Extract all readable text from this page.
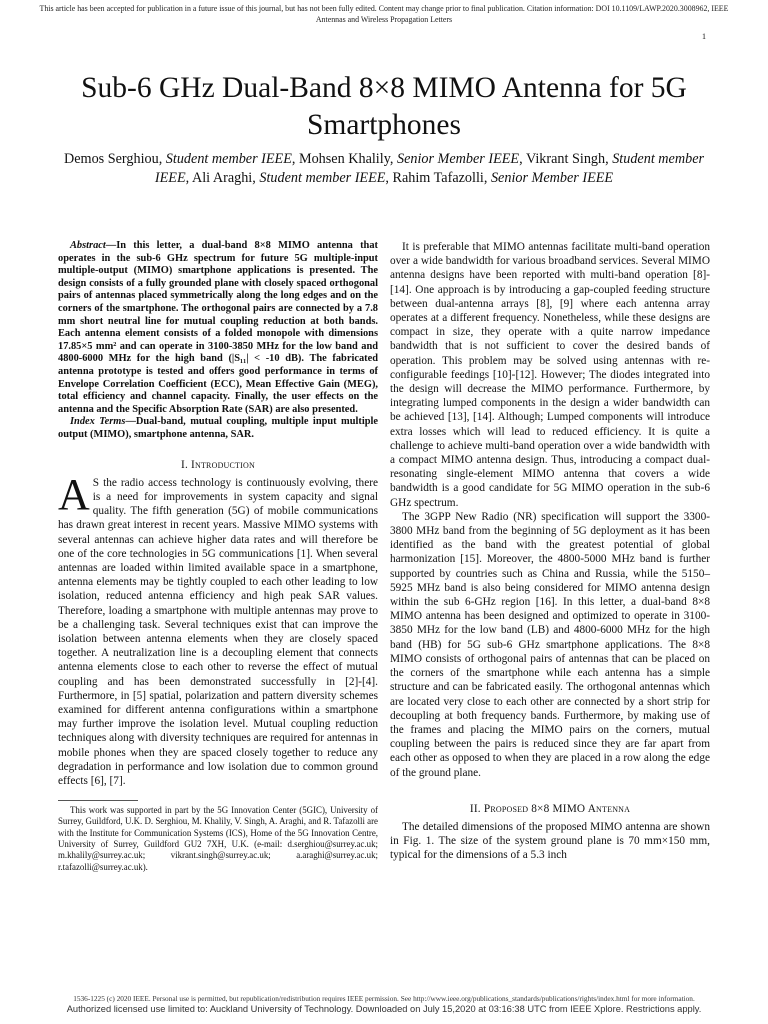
This article has been accepted for publication in a future issue of this journal, but has not been fully edited. Content may change prior to final publication. Citation information: DOI 10.1109/LAWP.2020.3008962, IEEE
Antennas and Wireless Propagation Letters
1
Sub-6 GHz Dual-Band 8×8 MIMO Antenna for 5G Smartphones
Demos Serghiou, Student member IEEE, Mohsen Khalily, Senior Member IEEE, Vikrant Singh, Student member IEEE, Ali Araghi, Student member IEEE, Rahim Tafazolli, Senior Member IEEE

Abstract—In this letter, a dual-band 8×8 MIMO antenna that operates in the sub-6 GHz spectrum for future 5G multiple-input multiple-output (MIMO) smartphone applications is presented. The design consists of a fully grounded plane with closely spaced orthogonal pairs of antennas placed symmetrically along the long edges and on the corners of the smartphone. The orthogonal pairs are connected by a 7.8 mm short neutral line for mutual coupling reduction at both bands. Each antenna element consists of a folded monopole with dimensions 17.85×5 mm² and can operate in 3100-3850 MHz for the low band and 4800-6000 MHz for the high band (|S₁₁| < -10 dB). The fabricated antenna prototype is tested and offers good performance in terms of Envelope Correlation Coefficient (ECC), Mean Effective Gain (MEG), total efficiency and channel capacity. Finally, the user effects on the antenna and the Specific Absorption Rate (SAR) are also presented.

Index Terms—Dual-band, mutual coupling, multiple input multiple output (MIMO), smartphone antenna, SAR.

I. Introduction

A S the radio access technology is continuously evolving, there is a need for improvements in system capacity and signal quality. The fifth generation (5G) of mobile communications has drawn great interest in recent years. Massive MIMO systems with several antennas can achieve higher data rates and will therefore be one of the core technologies in 5G communications [1]. When several antennas are loaded within limited available space in a smartphone, antenna elements may be tightly coupled to each other leading to low isolation, reduced antenna efficiency and high peak SAR values. Therefore, loading a smartphone with multiple antennas may prove to be a challenging task. Several techniques exist that can improve the isolation between antenna elements when they are closely spaced together. A neutralization line is a decoupling element that connects antenna elements close to each other to reverse the effect of mutual coupling and has been demonstrated successfully in [2]-[4]. Furthermore, in [5] spatial, polarization and pattern diversity schemes examined for different antenna configurations within a smartphone may further improve the isolation level. Mutual coupling reduction techniques along with diversity techniques are required for antennas in mobile phones when they are spaced closely together to reduce any degradation in performance and low isolation due to common ground effects [6], [7].

This work was supported in part by the 5G Innovation Center (5GIC), University of Surrey, Guildford, U.K. D. Serghiou, M. Khalily, V. Singh, A. Araghi, and R. Tafazolli are with the Institute for Communication Systems (ICS), Home of the 5G Innovation Centre, University of Surrey, Guildford GU2 7XH, U.K. (e-mail: d.serghiou@surrey.ac.uk; m.khalily@surrey.ac.uk; vikrant.singh@surrey.ac.uk; a.araghi@surrey.ac.uk; r.tafazolli@surrey.ac.uk).

It is preferable that MIMO antennas facilitate multi-band operation over a wide bandwidth for various broadband services. Several MIMO antenna designs have been reported with multi-band operation [8]-[14]. One approach is by introducing a gap-coupled feeding structure between dual-antenna arrays [8], [9] where each antenna array operates at a different frequency. Nonetheless, while these designs are compact in size, they operate with a quite narrow impedance bandwidth that is not sufficient to cover the desired bands of operation. This problem may be solved using antennas with re-configurable feedings [10]-[12]. However; The diodes integrated into the design will decrease the MIMO performance. Furthermore, by integrating lumped components in the design a wider bandwidth can be achieved [13], [14]. Although; Lumped components will introduce extra losses which will lead to reduced efficiency. It is quite a challenge to achieve multi-band operation over a wide bandwidth with a compact MIMO antenna design. Thus, introducing a compact dual-resonating single-element MIMO antenna that covers a wide bandwidth is a good candidate for 5G MIMO operation in the sub-6 GHz spectrum.

The 3GPP New Radio (NR) specification will support the 3300-3800 MHz band from the beginning of 5G deployment as it has been identified as the band with the greatest potential of global harmonization [15]. Moreover, the 4800-5000 MHz band is further supported by countries such as China and Russia, while the 5150–5925 MHz band is also being considered for MIMO antenna design within the sub 6-GHz region [16]. In this letter, a dual-band 8×8 MIMO antenna has been designed and optimized to operate in 3100-3850 MHz for the low band (LB) and 4800-6000 MHz for the high band (HB) for 5G sub-6 GHz smartphone applications. The 8×8 MIMO consists of orthogonal pairs of antennas that can be placed on the corners of the smartphone while each antenna has a simple structure and can be fabricated easily. The orthogonal antennas which are located very close to each other are connected by a short strip for decoupling at both frequency bands. Furthermore, by making use of the frames and placing the MIMO pairs on the corners, mutual coupling between the pairs is reduced since they are far apart from each other as opposed to when they are placed in a row along the edge of the ground plane.

II. Proposed 8×8 MIMO Antenna

The detailed dimensions of the proposed MIMO antenna are shown in Fig. 1. The size of the system ground plane is 70 mm×150 mm, typical for the dimensions of a 5.3 inch

1536-1225 (c) 2020 IEEE. Personal use is permitted, but republication/redistribution requires IEEE permission. See http://www.ieee.org/publications_standards/publications/rights/index.html for more information.
Authorized licensed use limited to: Auckland University of Technology. Downloaded on July 15,2020 at 03:16:38 UTC from IEEE Xplore. Restrictions apply.
